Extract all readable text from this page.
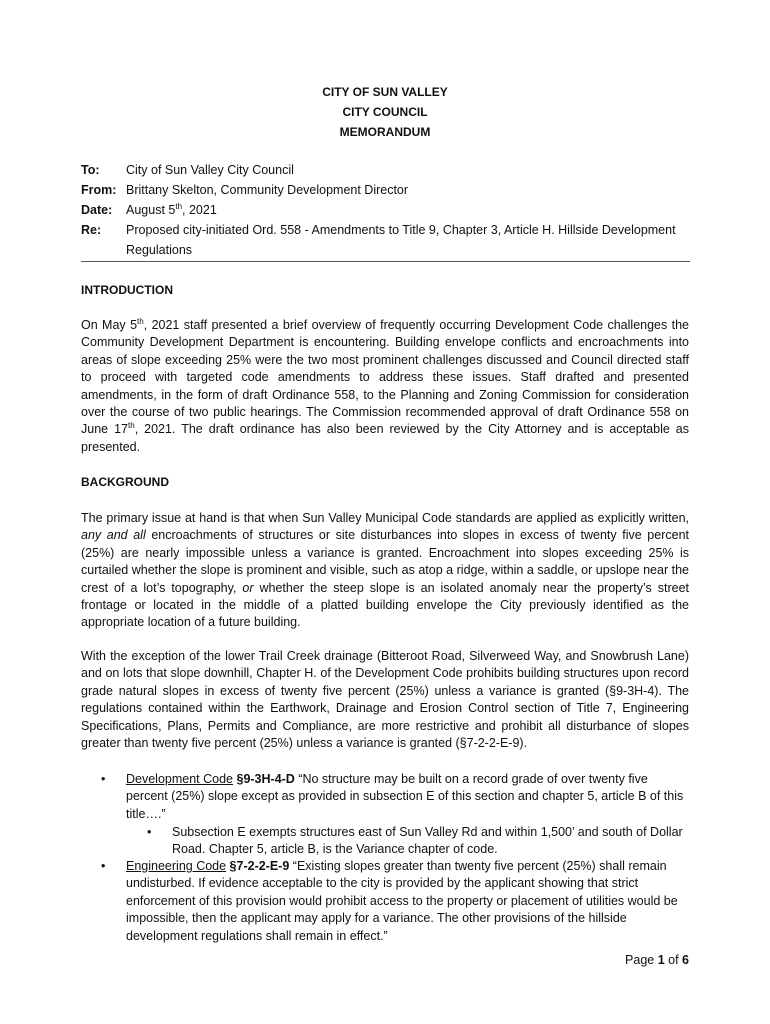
CITY OF SUN VALLEY
CITY COUNCIL
MEMORANDUM
To:	City of Sun Valley City Council
From: Brittany Skelton, Community Development Director
Date:	August 5th, 2021
Re:	Proposed city-initiated Ord. 558 - Amendments to Title 9, Chapter 3, Article H. Hillside Development Regulations
INTRODUCTION

On May 5th, 2021 staff presented a brief overview of frequently occurring Development Code challenges the Community Development Department is encountering. Building envelope conflicts and encroachments into areas of slope exceeding 25% were the two most prominent challenges discussed and Council directed staff to proceed with targeted code amendments to address these issues. Staff drafted and presented amendments, in the form of draft Ordinance 558, to the Planning and Zoning Commission for consideration over the course of two public hearings. The Commission recommended approval of draft Ordinance 558 on June 17th, 2021. The draft ordinance has also been reviewed by the City Attorney and is acceptable as presented.

BACKGROUND

The primary issue at hand is that when Sun Valley Municipal Code standards are applied as explicitly written, any and all encroachments of structures or site disturbances into slopes in excess of twenty five percent (25%) are nearly impossible unless a variance is granted. Encroachment into slopes exceeding 25% is curtailed whether the slope is prominent and visible, such as atop a ridge, within a saddle, or upslope near the crest of a lot’s topography, or whether the steep slope is an isolated anomaly near the property’s street frontage or located in the middle of a platted building envelope the City previously identified as the appropriate location of a future building.

With the exception of the lower Trail Creek drainage (Bitteroot Road, Silverweed Way, and Snowbrush Lane) and on lots that slope downhill, Chapter H. of the Development Code prohibits building structures upon record grade natural slopes in excess of twenty five percent (25%) unless a variance is granted (§9-3H-4). The regulations contained within the Earthwork, Drainage and Erosion Control section of Title 7, Engineering Specifications, Plans, Permits and Compliance, are more restrictive and prohibit all disturbance of slopes greater than twenty five percent (25%) unless a variance is granted (§7-2-2-E-9).

• Development Code §9-3H-4-D “No structure may be built on a record grade of over twenty five percent (25%) slope except as provided in subsection E of this section and chapter 5, article B of this title….”
• Subsection E exempts structures east of Sun Valley Rd and within 1,500’ and south of Dollar Road. Chapter 5, article B, is the Variance chapter of code.
• Engineering Code §7-2-2-E-9 “Existing slopes greater than twenty five percent (25%) shall remain undisturbed. If evidence acceptable to the city is provided by the applicant showing that strict enforcement of this provision would prohibit access to the property or placement of utilities would be impossible, then the applicant may apply for a variance. The other provisions of the hillside development regulations shall remain in effect.”
Page 1 of 6
